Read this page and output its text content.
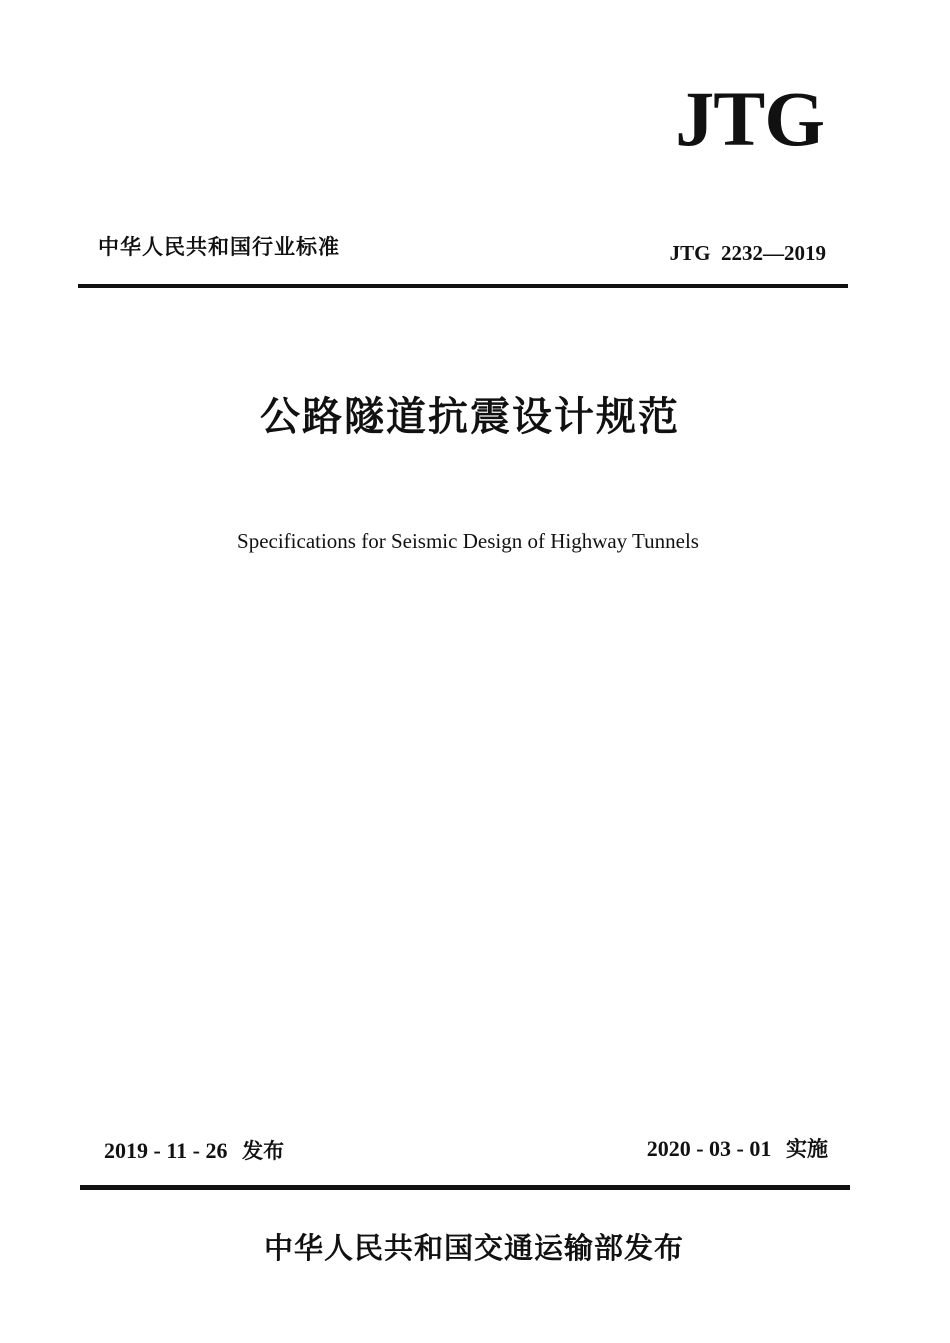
JTG
中华人民共和国行业标准	JTG  2232—2019
公路隧道抗震设计规范
Specifications for Seismic Design of Highway Tunnels
2019 - 11 - 26 发布	2020 - 03 - 01 实施
中华人民共和国交通运输部发布
